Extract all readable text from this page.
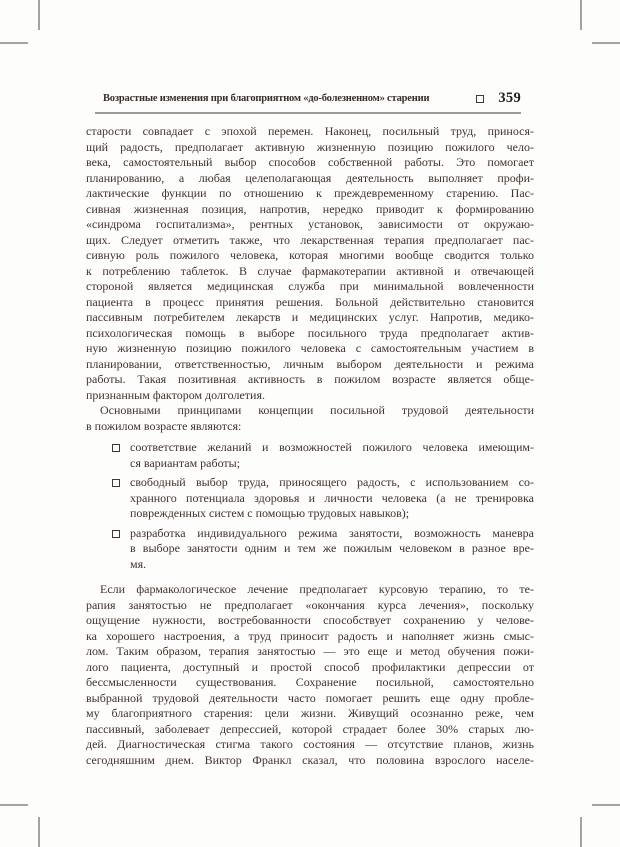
Возрастные изменения при благоприятном «до-болезненном» старении	359
старости совпадает с эпохой перемен. Наконец, посильный труд, принося-
щий радость, предполагает активную жизненную позицию пожилого чело-
века, самостоятельный выбор способов собственной работы. Это помогает
планированию, а любая целеполагающая деятельность выполняет профи-
лактические функции по отношению к преждевременному старению. Пас-
сивная жизненная позиция, напротив, нередко приводит к формированию
«синдрома госпитализма», рентных установок, зависимости от окружаю-
щих. Следует отметить также, что лекарственная терапия предполагает пас-
сивную роль пожилого человека, которая многими вообще сводится только
к потреблению таблеток. В случае фармакотерапии активной и отвечающей
стороной является медицинская служба при минимальной вовлеченности
пациента в процесс принятия решения. Больной действительно становится
пассивным потребителем лекарств и медицинских услуг. Напротив, медико-
психологическая помощь в выборе посильного труда предполагает актив-
ную жизненную позицию пожилого человека с самостоятельным участием в
планировании, ответственностью, личным выбором деятельности и режима
работы. Такая позитивная активность в пожилом возрасте является обще-
признанным фактором долголетия.
Основными принципами концепции посильной трудовой деятельности
в пожилом возрасте являются:
соответствие желаний и возможностей пожилого человека имеющим-
ся вариантам работы;
свободный выбор труда, приносящего радость, с использованием со-
хранного потенциала здоровья и личности человека (а не тренировка
поврежденных систем с помощью трудовых навыков);
разработка индивидуального режима занятости, возможность маневра
в выборе занятости одним и тем же пожилым человеком в разное вре-
мя.
Если фармакологическое лечение предполагает курсовую терапию, то те-
рапия занятостью не предполагает «окончания курса лечения», поскольку
ощущение нужности, востребованности способствует сохранению у челове-
ка хорошего настроения, а труд приносит радость и наполняет жизнь смыс-
лом. Таким образом, терапия занятостью — это еще и метод обучения пожи-
лого пациента, доступный и простой способ профилактики депрессии от
бессмысленности существования. Сохранение посильной, самостоятельно
выбранной трудовой деятельности часто помогает решить еще одну пробле-
му благоприятного старения: цели жизни. Живущий осознанно реже, чем
пассивный, заболевает депрессией, которой страдает более 30% старых лю-
дей. Диагностическая стигма такого состояния — отсутствие планов, жизнь
сегодняшним днем. Виктор Франкл сказал, что половина взрослого населе-
